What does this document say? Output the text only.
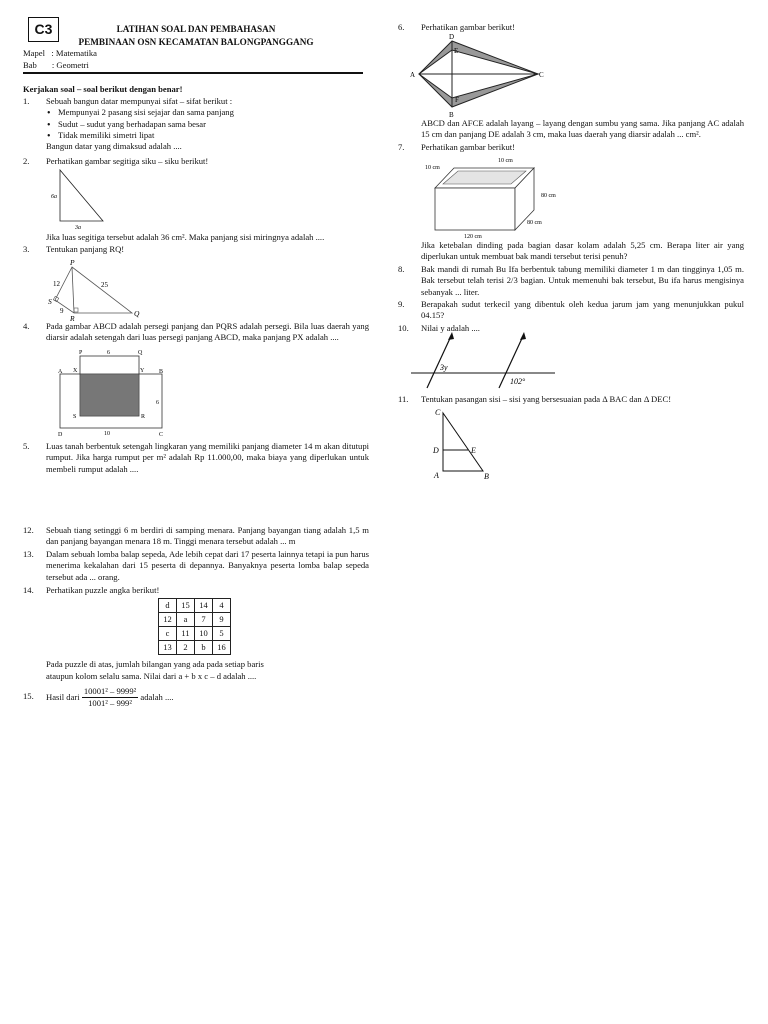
C3	LATIHAN SOAL DAN PEMBAHASAN
PEMBINAAN OSN KECAMATAN BALONGPANGGANG
Mapel   : Matematika
Bab       : Geometri
Kerjakan soal – soal berikut dengan benar!
1. Sebuah bangun datar mempunyai sifat – sifat berikut :
• Mempunyai 2 pasang sisi sejajar dan sama panjang
• Sudut – sudut yang berhadapan sama besar
• Tidak memiliki simetri lipat
Bangun datar yang dimaksud adalah ....
2. Perhatikan gambar segitiga siku – siku berikut!
6a
3a
Jika luas segitiga tersebut adalah 36 cm². Maka panjang sisi miringnya adalah ....
3. Tentukan panjang RQ!
P
S
R
Q
12	25
9
4. Pada gambar ABCD adalah persegi panjang dan PQRS adalah persegi. Bila luas daerah yang diarsir adalah setengah dari luas persegi panjang ABCD, maka panjang PX adalah ....
P	Q
6
A X	Y B
6
S	R
D	10	C
5. Luas tanah berbentuk setengah lingkaran yang memiliki panjang diameter 14 m akan ditutupi rumput. Jika harga rumput per m² adalah Rp 11.000,00, maka biaya yang diperlukan untuk membeli rumput adalah ....
12. Sebuah tiang setinggi 6 m berdiri di samping menara. Panjang bayangan tiang adalah 1,5 m dan panjang bayangan menara 18 m. Tinggi menara tersebut adalah ... m
13. Dalam sebuah lomba balap sepeda, Ade lebih cepat dari 17 peserta lainnya tetapi ia pun harus menerima kekalahan dari 15 peserta di depannya. Banyaknya peserta lomba balap sepeda tersebut ada ... orang.
14. Perhatikan puzzle angka berikut!
d	15	14	4
12	a	7	9
c	11	10	5
13	2	b	16
Pada puzzle di atas, jumlah bilangan yang ada pada setiap baris
ataupun kolom selalu sama. Nilai dari a + b x c – d adalah ....
15. Hasil dari $\frac{\text{10001² – 9999²}}{\text{1001² – 999²}}$ adalah ....
6. Perhatikan gambar berikut!
D
E
A	C
F
B
ABCD dan AFCE adalah layang – layang dengan sumbu yang sama. Jika panjang AC adalah 15 cm dan panjang DE adalah 3 cm, maka luas daerah yang diarsir adalah ... cm².
7. Perhatikan gambar berikut!
10 cm
10 cm
80 cm
80 cm
120 cm
Jika ketebalan dinding pada bagian dasar kolam adalah 5,25 cm. Berapa liter air yang diperlukan untuk membuat bak mandi tersebut terisi penuh?
8. Bak mandi di rumah Bu Ifa berbentuk tabung memiliki diameter 1 m dan tingginya 1,05 m. Bak tersebut telah terisi 2/3 bagian. Untuk memenuhi bak tersebut, Bu ifa harus mengisinya sebanyak ... liter.
9. Berapakah sudut terkecil yang dibentuk oleh kedua jarum jam yang menunjukkan pukul 04.15?
10. Nilai y adalah ....
3y
102°
11. Tentukan pasangan sisi – sisi yang bersesuaian pada Δ BAC dan Δ DEC!
C
D	E
A	B
